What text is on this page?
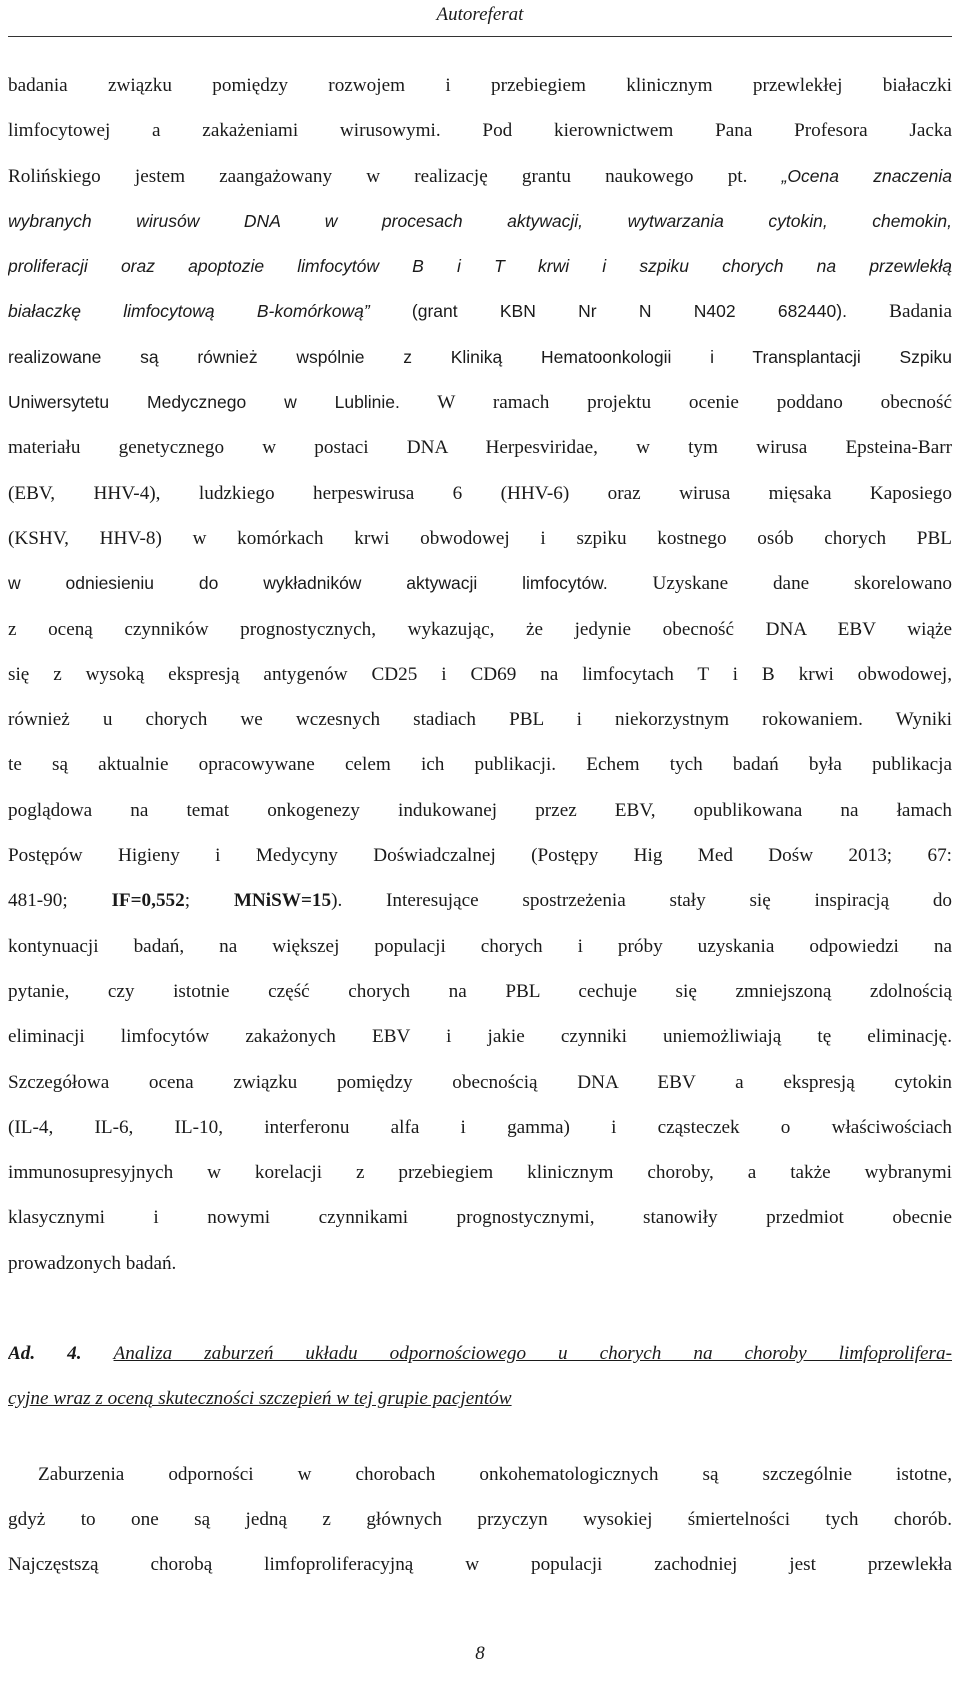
Autoreferat
badania związku pomiędzy rozwojem i przebiegiem klinicznym przewlekłej białaczki
limfocytowej a zakażeniami wirusowymi. Pod kierownictwem Pana Profesora Jacka
Rolińskiego jestem zaangażowany w realizację grantu naukowego pt. „Ocena znaczenia
wybranych wirusów DNA w procesach aktywacji, wytwarzania cytokin, chemokin,
proliferacji oraz apoptozie limfocytów B i T krwi i szpiku chorych na przewlekłą
białaczkę limfocytową B-komórkową” (grant KBN Nr N N402 682440). Badania
realizowane są również wspólnie z Kliniką Hematoonkologii i Transplantacji Szpiku
Uniwersytetu Medycznego w Lublinie. W ramach projektu ocenie poddano obecność
materiału genetycznego w postaci DNA Herpesviridae, w tym wirusa Epsteina-Barr
(EBV, HHV-4), ludzkiego herpeswirusa 6 (HHV-6) oraz wirusa mięsaka Kaposiego
(KSHV, HHV-8) w komórkach krwi obwodowej i szpiku kostnego osób chorych PBL
w odniesieniu do wykładników aktywacji limfocytów. Uzyskane dane skorelowano
z oceną czynników prognostycznych, wykazując, że jedynie obecność DNA EBV wiąże
się z wysoką ekspresją antygenów CD25 i CD69 na limfocytach T i B krwi obwodowej,
również u chorych we wczesnych stadiach PBL i niekorzystnym rokowaniem. Wyniki
te są aktualnie opracowywane celem ich publikacji. Echem tych badań była publikacja
poglądowa na temat onkogenezy indukowanej przez EBV, opublikowana na łamach
Postępów Higieny i Medycyny Doświadczalnej (Postępy Hig Med Dośw 2013; 67:
481-90; IF=0,552; MNiSW=15). Interesujące spostrzeżenia stały się inspiracją do
kontynuacji badań, na większej populacji chorych i próby uzyskania odpowiedzi na
pytanie, czy istotnie część chorych na PBL cechuje się zmniejszoną zdolnością
eliminacji limfocytów zakażonych EBV i jakie czynniki uniemożliwiają tę eliminację.
Szczegółowa ocena związku pomiędzy obecnością DNA EBV a ekspresją cytokin
(IL-4, IL-6, IL-10, interferonu alfa i gamma) i cząsteczek o właściwościach
immunosupresyjnych w korelacji z przebiegiem klinicznym choroby, a także wybranymi
klasycznymi i nowymi czynnikami prognostycznymi, stanowiły przedmiot obecnie
prowadzonych badań.
Ad. 4. Analiza zaburzeń układu odpornościowego u chorych na choroby limfoprolifera-
cyjne wraz z oceną skuteczności szczepień w tej grupie pacjentów
Zaburzenia odporności w chorobach onkohematologicznych są szczególnie istotne,
gdyż to one są jedną z głównych przyczyn wysokiej śmiertelności tych chorób.
Najczęstszą chorobą limfoproliferacyjną w populacji zachodniej jest przewlekła
8
